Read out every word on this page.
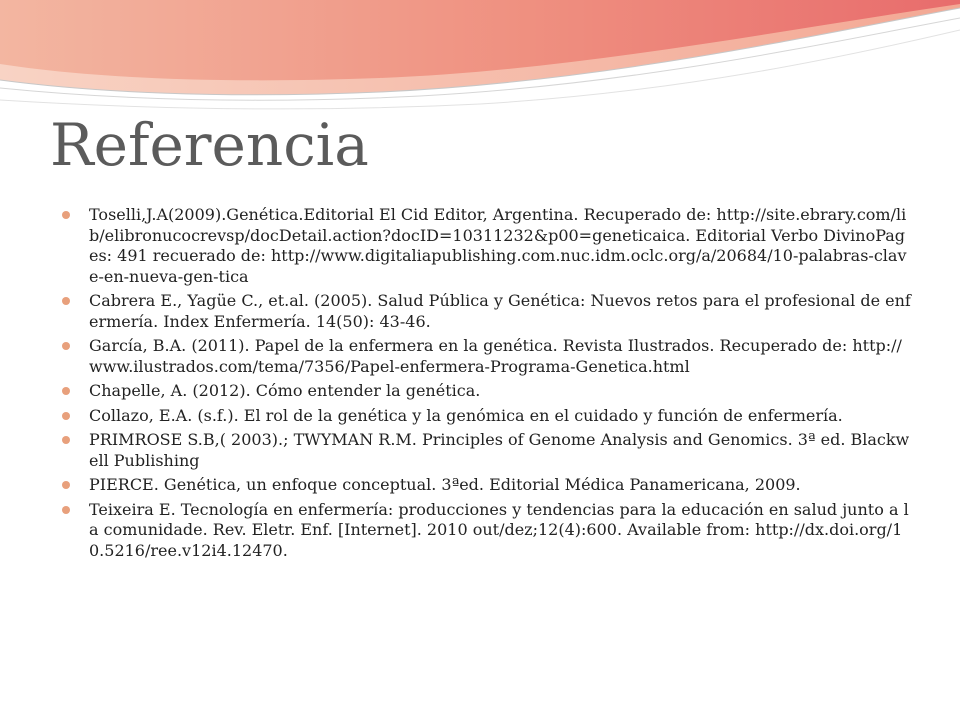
Referencia
Toselli,J.A(2009).Genética.Editorial El Cid Editor, Argentina. Recuperado de: http://site.ebrary.com/lib/elibronucocrevsp/docDetail.action?docID=10311232&p00=geneticaica. Editorial Verbo DivinoPages: 491 recuerado de: http://www.digitaliapublishing.com.nuc.idm.oclc.org/a/20684/10-palabras-clave-en-nueva-gen-tica
Cabrera E., Yagüe C., et.al. (2005). Salud Pública y Genética: Nuevos retos para el profesional de enfermería. Index Enfermería. 14(50): 43-46.
García, B.A. (2011). Papel de la enfermera en la genética. Revista Ilustrados. Recuperado de: http://www.ilustrados.com/tema/7356/Papel-enfermera-Programa-Genetica.html
Chapelle, A. (2012). Cómo entender la genética.
Collazo, E.A. (s.f.). El rol de la genética y la genómica en el cuidado y función de enfermería.
PRIMROSE S.B,( 2003).; TWYMAN R.M. Principles of Genome Analysis and Genomics. 3ª ed. Blackwell Publishing
PIERCE. Genética, un enfoque conceptual. 3ªed. Editorial Médica Panamericana, 2009.
Teixeira E. Tecnología en enfermería: producciones y tendencias para la educación en salud junto a la comunidade. Rev. Eletr. Enf. [Internet]. 2010 out/dez;12(4):600. Available from: http://dx.doi.org/10.5216/ree.v12i4.12470.
